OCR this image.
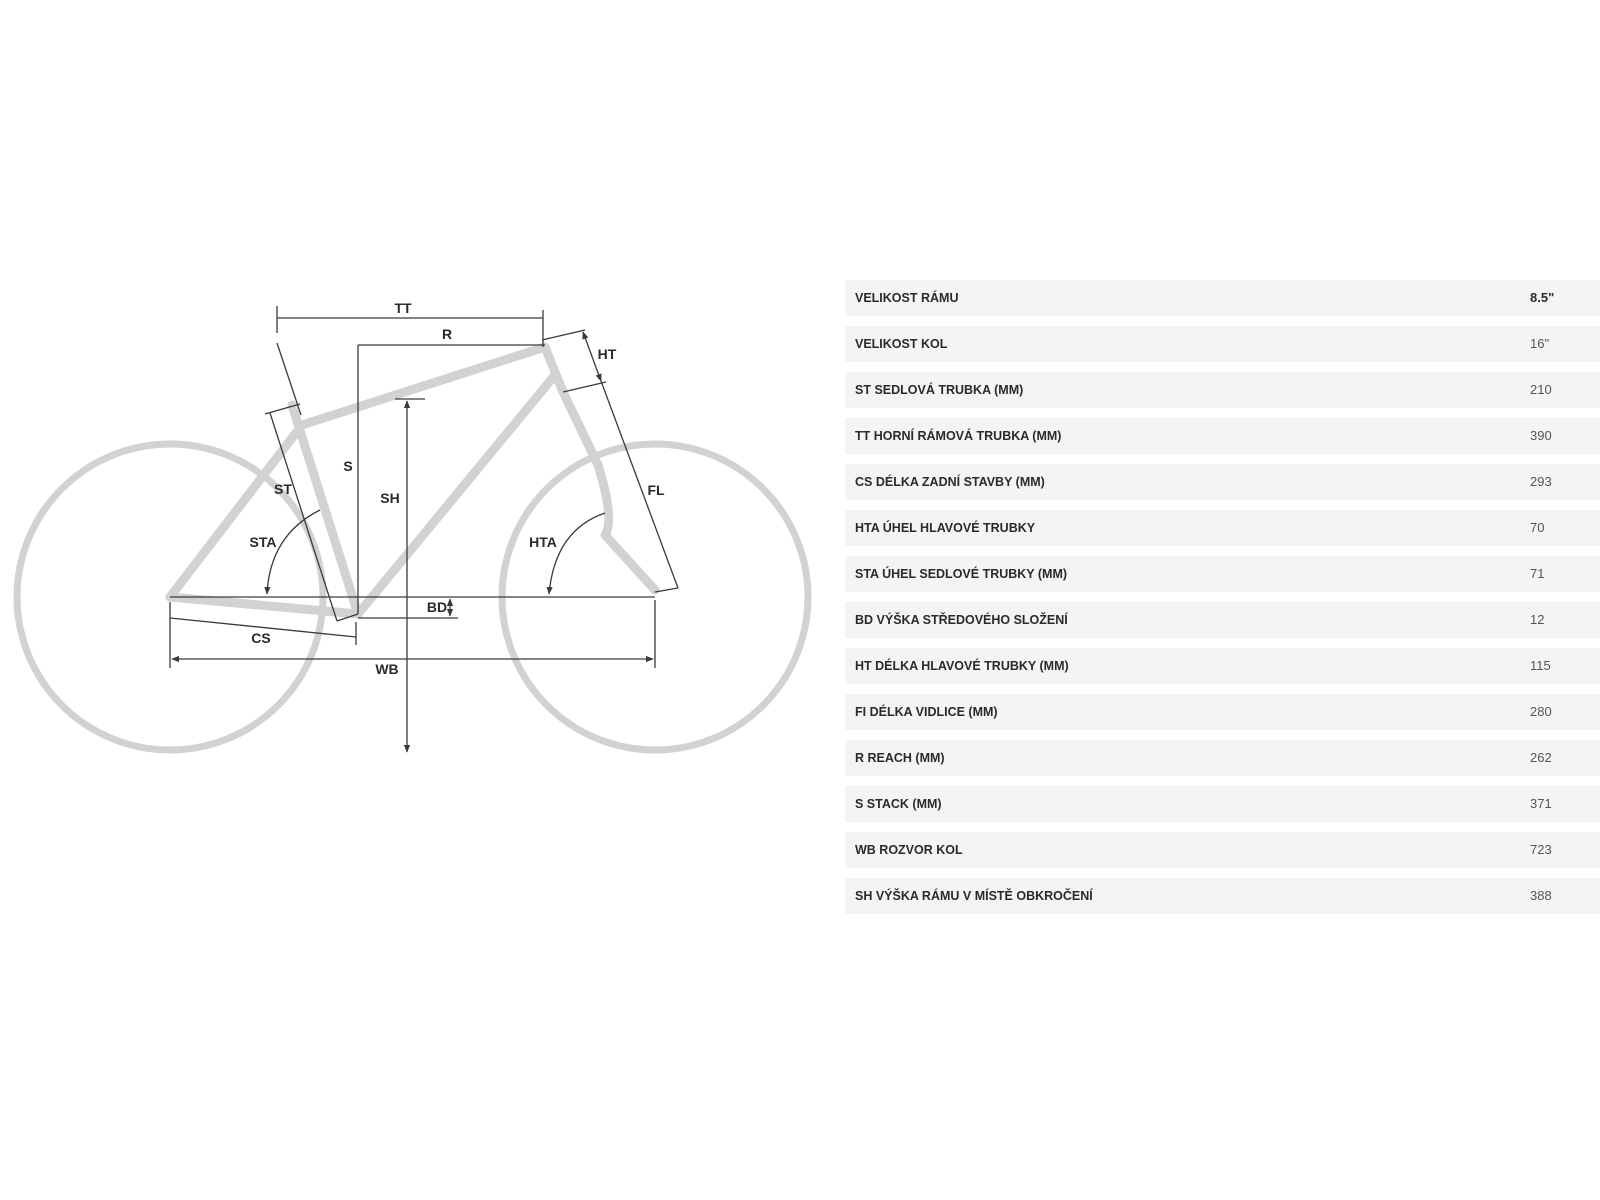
TT
R
S
HT
FL
ST
SH
STA	HTA
BD
CS
WB
VELIKOST RÁMU	8.5"
VELIKOST KOL	16"
ST SEDLOVÁ TRUBKA (MM)	210
TT HORNÍ RÁMOVÁ TRUBKA (MM)	390
CS DÉLKA ZADNÍ STAVBY (MM)	293
HTA ÚHEL HLAVOVÉ TRUBKY	70
STA ÚHEL SEDLOVÉ TRUBKY (MM)	71
BD VÝŠKA STŘEDOVÉHO SLOŽENÍ	12
HT DÉLKA HLAVOVÉ TRUBKY (MM)	115
FI DÉLKA VIDLICE (MM)	280
R REACH (MM)	262
S STACK (MM)	371
WB ROZVOR KOL	723
SH VÝŠKA RÁMU V MÍSTĚ OBKROČENÍ	388
